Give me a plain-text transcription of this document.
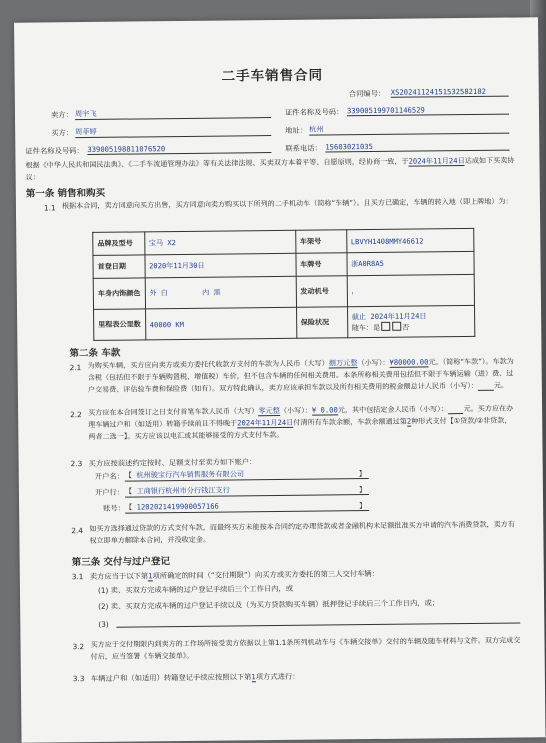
二手车销售合同
合同编号： XS20241124151532582182
卖方： 周宇飞	证件名称及号码： 339005199701146529
买方： 周菲婷	地址： 杭州
证件名称及号码： 339005198811076520	联系电话： 15603021035
根据《中华人民共和国民法典》、《二手车流通管理办法》等有关法律法规、买卖双方本着平等、自愿原则，经协商一致，于2024年11月24日达成如下买卖协议：
第一条 销售和购买
1.1 根据本合同，卖方同意向买方出售，买方同意向卖方购买以下所列的二手机动车（简称“车辆”）。且买方已确定，车辆的转入地（即上牌地）为：
品牌及型号	宝马 X2	车架号	LBVYH1408MMY46612
首登日期	2020年11月30日	车牌号	浙A0R8A5
车身内饰颜色	外 白 内 黑	发动机号	，
里程表公里数	40000 KM	保险状况	截止 2024年11月24日
随车：是 否
第二条 车款
2.1 为购买车辆，买方应向卖方或卖方委托代收款方支付的车款为人民币（大写）捌万元整（小写）：¥80000.00元。（简称“车款”）。车款为含税（包括但不限于车辆购置税、增值税）车价，但不包含车辆的任何相关费用。本条所称相关费用包括但不限于车辆运输（进）费、过户交易费、评估验车费和保险费（如有）。双方特此确认，卖方应该承担车款以及所有相关费用的税金额总计人民币（小写）： 元。
2.2 买方应在本合同签订之日支付首笔车款人民币（大写）零元整（小写）：¥ 0.00元，其中包括定金人民币（小写）： 元。买方应在办理车辆过户和（如适用）转籍手续前且不得晚于2024年11月24日付清所有车款余额，车款余额通过第2种形式支付【①贷款/②非贷款，两者二选一】。买方应该以电汇或其能够接受的方式支付车款。
2.3 买方应按前述约定按时、足额支付至卖方如下账户：
开户名： 【 杭州骏宝行汽车销售服务有限公司	】
开户行： 【 工商银行杭州市分行钱江支行	】
账号： 【 1202021419900057166	】
2.4 如买方选择通过贷款的方式支付车款，而最终买方未能按本合同约定办理贷款或者金融机构未足额批准买方申请的汽车消费贷款，卖方有权立即单方解除本合同，并没收定金。
第三条 交付与过户登记
3.1 卖方应当于以下第1项所确定的时间（“交付期限”）向买方或买方委托的第三人交付车辆：
(1) 卖、买双方完成车辆的过户登记手续后三个工作日内，或
(2) 卖、买双方完成车辆的过户登记手续以及（为买方贷款购买车辆）抵押登记手续后三个工作日内，或；
(3)
3.2 买方应于交付期限内到卖方的工作场所接受卖方依据以上第1.1条所列机动车与《车辆交接单》交付的车辆及随车材料与文件。双方完成交付后，应当签署《车辆交接单》。
3.3 车辆过户和（如适用）转籍登记手续应按照以下第1项方式进行：
